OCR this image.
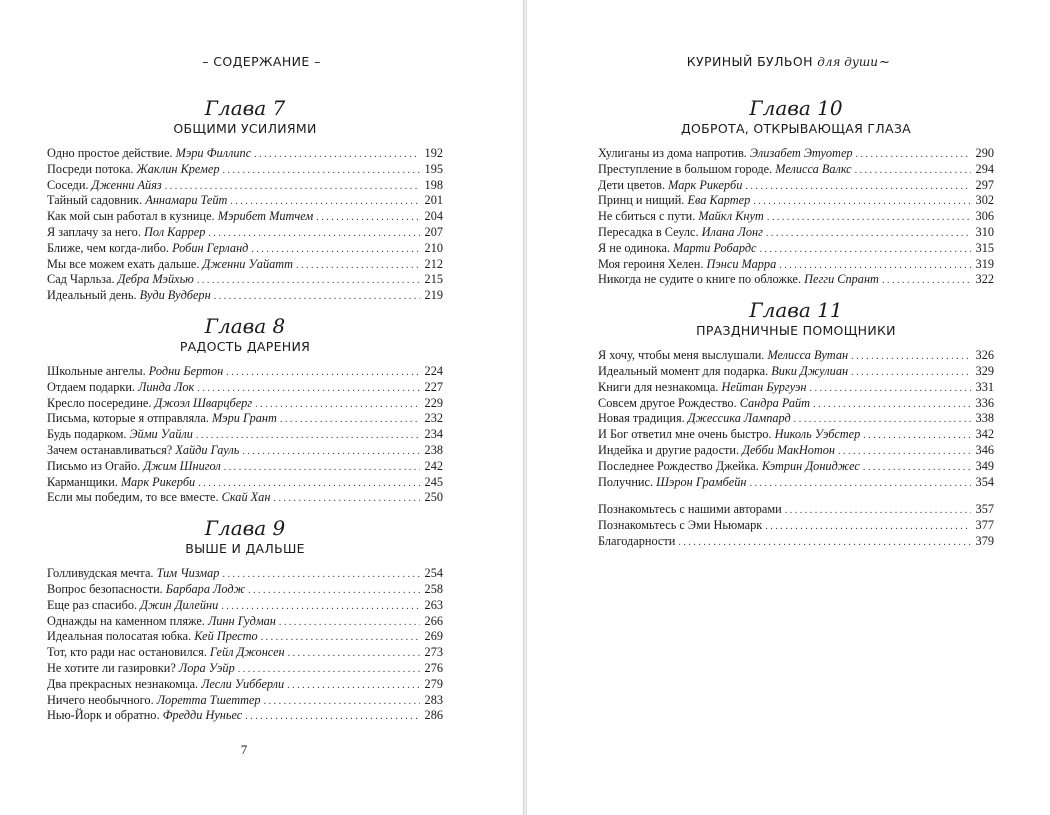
– СОДЕРЖАНИЕ –
Глава 7
ОБЩИМИ УСИЛИЯМИ
Одно простое действие. Мэри Филлипс . . .	192
Посреди потока. Жаклин Кремер . . .	195
Соседи. Дженни Айяз . . .	198
Тайный садовник. Аннамари Тейт . . .	201
Как мой сын работал в кузнице. Мэрибет Митчем . . .	204
Я заплачу за него. Пол Каррер . . .	207
Ближе, чем когда-либо. Робин Герланд . . .	210
Мы все можем ехать дальше. Дженни Уайатт . . .	212
Сад Чарльза. Дебра Мэйхью . . .	215
Идеальный день. Вуди Вудберн . . .	219
Глава 8
РАДОСТЬ ДАРЕНИЯ
Школьные ангелы. Родни Бертон . . .	224
Отдаем подарки. Линда Лок . . .	227
Кресло посередине. Джоэл Шварцберг . . .	229
Письма, которые я отправляла. Мэри Грант . . .	232
Будь подарком. Эйми Уайли . . .	234
Зачем останавливаться? Хайди Гауль . . .	238
Письмо из Огайо. Джим Шнигол . . .	242
Карманщики. Марк Рикерби . . .	245
Если мы победим, то все вместе. Скай Хан . . .	250
Глава 9
ВЫШЕ И ДАЛЬШЕ
Голливудская мечта. Тим Чизмар . . .	254
Вопрос безопасности. Барбара Лодж . . .	258
Еще раз спасибо. Джин Дилейни . . .	263
Однажды на каменном пляже. Линн Гудман . . .	266
Идеальная полосатая юбка. Кей Престо . . .	269
Тот, кто ради нас остановился. Гейл Джонсен . . .	273
Не хотите ли газировки? Лора Уэйр . . .	276
Два прекрасных незнакомца. Лесли Уибберли . . .	279
Ничего необычного. Лоретта Тшеттер . . .	283
Нью-Йорк и обратно. Фредди Нуньес . . .	286
7
КУРИНЫЙ БУЛЬОН для души~
Глава 10
ДОБРОТА, ОТКРЫВАЮЩАЯ ГЛАЗА
Хулиганы из дома напротив. Элизабет Этуотер . . .	290
Преступление в большом городе. Мелисса Валкс . . .	294
Дети цветов. Марк Рикерби . . .	297
Принц и нищий. Ева Картер . . .	302
Не сбиться с пути. Майкл Кнут . . .	306
Пересадка в Сеулс. Илана Лонг . . .	310
Я не одинока. Марти Робардс . . .	315
Моя героиня Хелен. Пэнси Марра . . .	319
Никогда не судите о книге по обложке. Пегги Спрант . . .	322
Глава 11
ПРАЗДНИЧНЫЕ ПОМОЩНИКИ
Я хочу, чтобы меня выслушали. Мелисса Вутан . . .	326
Идеальный момент для подарка. Вики Джулиан . . .	329
Книги для незнакомца. Нейтан Бургуэн . . .	331
Совсем другое Рождество. Сандра Райт . . .	336
Новая традиция. Джессика Лампард . . .	338
И Бог ответил мне очень быстро. Николь Уэбстер . . .	342
Индейка и другие радости. Дебби МакНотон . . .	346
Последнее Рождество Джейка. Кэтрин Дониджес . . .	349
Получнис. Шэрон Грамбейн . . .	354
Познакомьтесь с нашими авторами . . .	357
Познакомьтесь с Эми Ньюмарк . . .	377
Благодарности . . .	379
